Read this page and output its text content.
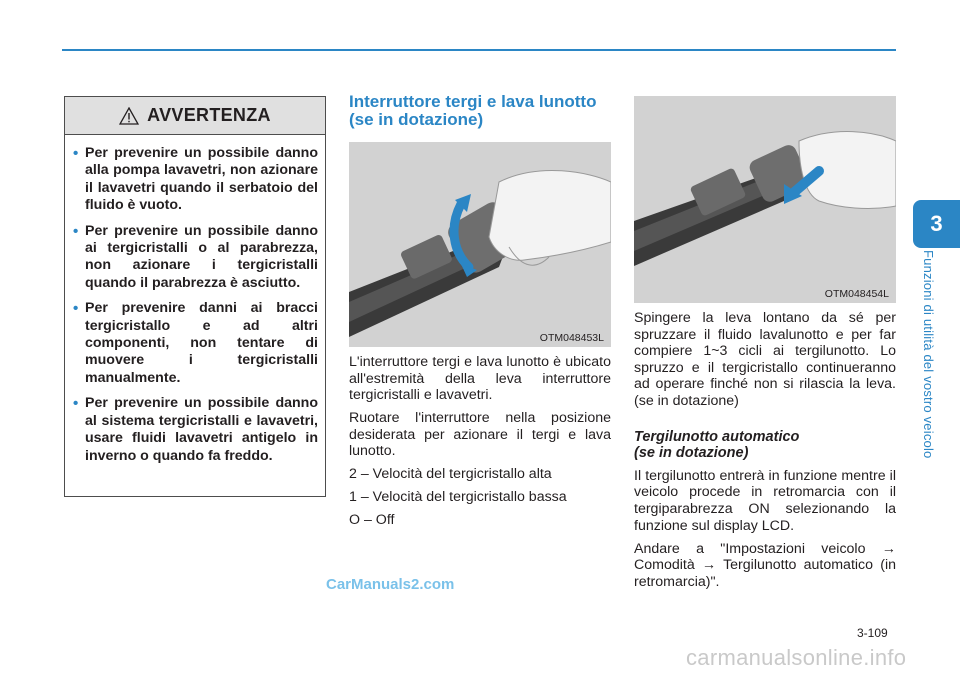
3
Funzioni di utilità del vostro veicolo
AVVERTENZA
• Per prevenire un possibile danno alla pompa lavavetri, non azionare il lavavetri quando il serbatoio del fluido è vuoto.
• Per prevenire un possibile danno ai tergicristalli o al parabrezza, non azionare i tergicristalli quando il parabrezza è asciutto.
• Per prevenire danni ai bracci tergicristallo e ad altri componenti, non tentare di muovere i tergicristalli manualmente.
• Per prevenire un possibile danno al sistema tergicristalli e lavavetri, usare fluidi lavavetri antigelo in inverno o quando fa freddo.
Interruttore tergi e lava lunotto (se in dotazione)
OTM048453L

L'interruttore tergi e lava lunotto è ubicato all'estremità della leva interruttore tergicristalli e lavavetri.

Ruotare l'interruttore nella posizione desiderata per azionare il tergi e lava lunotto.

2 – Velocità del tergicristallo alta

1 – Velocità del tergicristallo bassa

O – Off

OTM048454L

Spingere la leva lontano da sé per spruzzare il fluido lavalunotto e per far compiere 1~3 cicli ai tergilunotto. Lo spruzzo e il tergicristallo continueranno ad operare finché non si rilascia la leva. (se in dotazione)

Tergilunotto automatico
(se in dotazione)

Il tergilunotto entrerà in funzione mentre il veicolo procede in retromarcia con il tergiparabrezza ON selezionando la funzione sul display LCD.

Andare a "Impostazioni veicolo → Comodità → Tergilunotto automatico (in retromarcia)".

CarManuals2.com
3-109
carmanualsonline.info
